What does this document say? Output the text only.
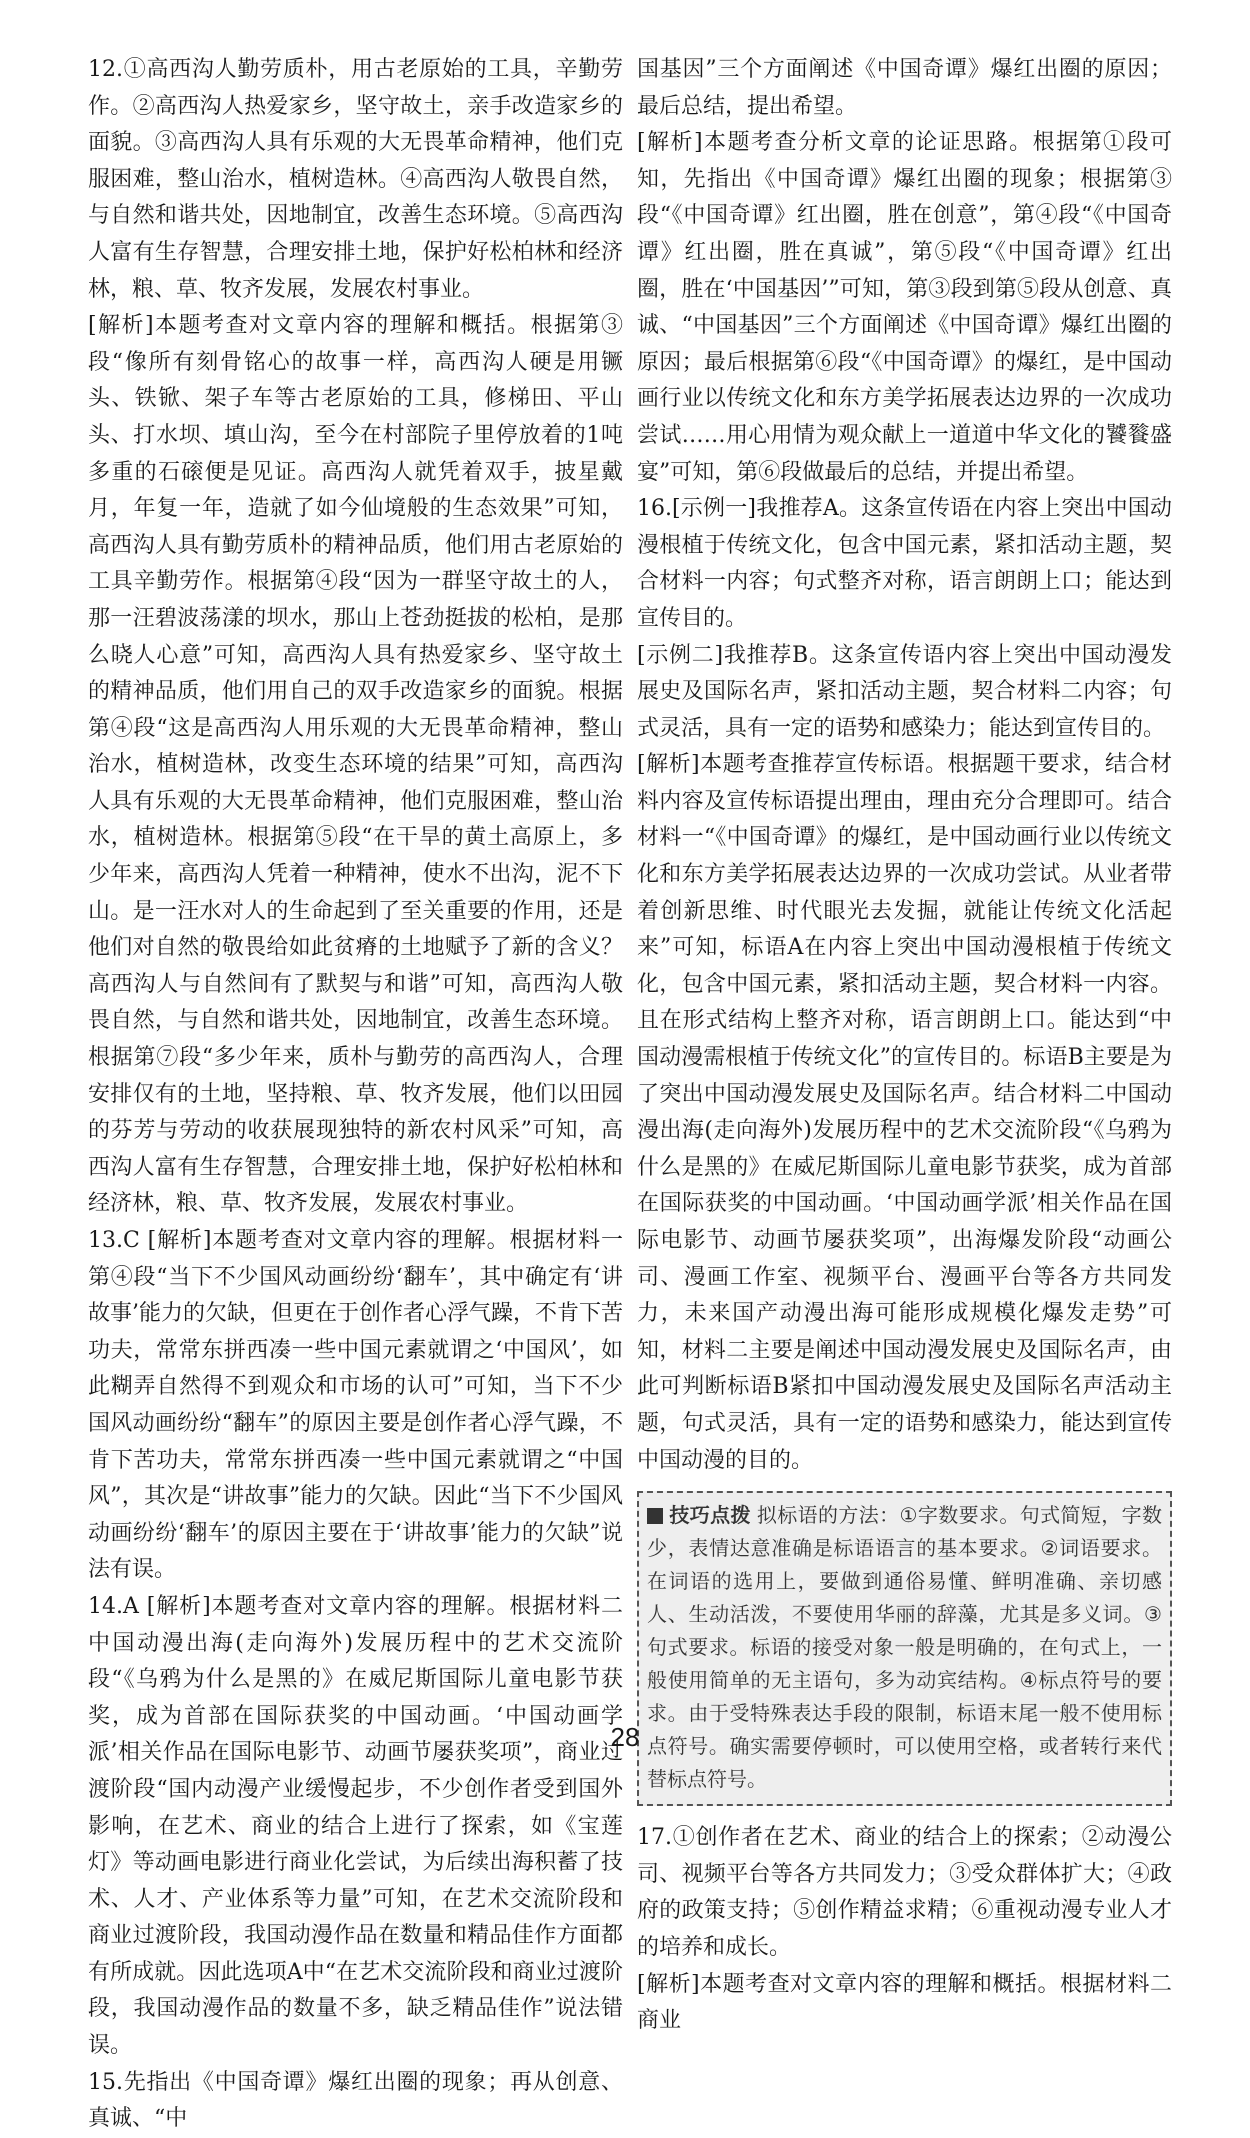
12.①高西沟人勤劳质朴，用古老原始的工具，辛勤劳作。②高西沟人热爱家乡，坚守故土，亲手改造家乡的面貌。③高西沟人具有乐观的大无畏革命精神，他们克服困难，整山治水，植树造林。④高西沟人敬畏自然，与自然和谐共处，因地制宜，改善生态环境。⑤高西沟人富有生存智慧，合理安排土地，保护好松柏林和经济林，粮、草、牧齐发展，发展农村事业。

[解析]本题考查对文章内容的理解和概括。根据第③段“像所有刻骨铭心的故事一样，高西沟人硬是用镢头、铁锨、架子车等古老原始的工具，修梯田、平山头、打水坝、填山沟，至今在村部院子里停放着的1吨多重的石磙便是见证。高西沟人就凭着双手，披星戴月，年复一年，造就了如今仙境般的生态效果”可知，高西沟人具有勤劳质朴的精神品质，他们用古老原始的工具辛勤劳作。根据第④段“因为一群坚守故土的人，那一汪碧波荡漾的坝水，那山上苍劲挺拔的松柏，是那么晓人心意”可知，高西沟人具有热爱家乡、坚守故土的精神品质，他们用自己的双手改造家乡的面貌。根据第④段“这是高西沟人用乐观的大无畏革命精神，整山治水，植树造林，改变生态环境的结果”可知，高西沟人具有乐观的大无畏革命精神，他们克服困难，整山治水，植树造林。根据第⑤段“在干旱的黄土高原上，多少年来，高西沟人凭着一种精神，使水不出沟，泥不下山。是一汪水对人的生命起到了至关重要的作用，还是他们对自然的敬畏给如此贫瘠的土地赋予了新的含义？高西沟人与自然间有了默契与和谐”可知，高西沟人敬畏自然，与自然和谐共处，因地制宜，改善生态环境。根据第⑦段“多少年来，质朴与勤劳的高西沟人，合理安排仅有的土地，坚持粮、草、牧齐发展，他们以田园的芬芳与劳动的收获展现独特的新农村风采”可知，高西沟人富有生存智慧，合理安排土地，保护好松柏林和经济林，粮、草、牧齐发展，发展农村事业。

13.C [解析]本题考查对文章内容的理解。根据材料一第④段“当下不少国风动画纷纷‘翻车’，其中确定有‘讲故事’能力的欠缺，但更在于创作者心浮气躁，不肯下苦功夫，常常东拼西凑一些中国元素就谓之‘中国风’，如此糊弄自然得不到观众和市场的认可”可知，当下不少国风动画纷纷“翻车”的原因主要是创作者心浮气躁，不肯下苦功夫，常常东拼西凑一些中国元素就谓之“中国风”，其次是“讲故事”能力的欠缺。因此“当下不少国风动画纷纷‘翻车’的原因主要在于‘讲故事’能力的欠缺”说法有误。

14.A [解析]本题考查对文章内容的理解。根据材料二中国动漫出海(走向海外)发展历程中的艺术交流阶段“《乌鸦为什么是黑的》在威尼斯国际儿童电影节获奖，成为首部在国际获奖的中国动画。‘中国动画学派’相关作品在国际电影节、动画节屡获奖项”，商业过渡阶段“国内动漫产业缓慢起步，不少创作者受到国外影响，在艺术、商业的结合上进行了探索，如《宝莲灯》等动画电影进行商业化尝试，为后续出海积蓄了技术、人才、产业体系等力量”可知，在艺术交流阶段和商业过渡阶段，我国动漫作品在数量和精品佳作方面都有所成就。因此选项A中“在艺术交流阶段和商业过渡阶段，我国动漫作品的数量不多，缺乏精品佳作”说法错误。

15.先指出《中国奇谭》爆红出圈的现象；再从创意、真诚、“中

国基因”三个方面阐述《中国奇谭》爆红出圈的原因；最后总结，提出希望。

[解析]本题考查分析文章的论证思路。根据第①段可知，先指出《中国奇谭》爆红出圈的现象；根据第③段“《中国奇谭》红出圈，胜在创意”，第④段“《中国奇谭》红出圈，胜在真诚”，第⑤段“《中国奇谭》红出圈，胜在‘中国基因’”可知，第③段到第⑤段从创意、真诚、“中国基因”三个方面阐述《中国奇谭》爆红出圈的原因；最后根据第⑥段“《中国奇谭》的爆红，是中国动画行业以传统文化和东方美学拓展表达边界的一次成功尝试……用心用情为观众献上一道道中华文化的饕餮盛宴”可知，第⑥段做最后的总结，并提出希望。

16.[示例一]我推荐A。这条宣传语在内容上突出中国动漫根植于传统文化，包含中国元素，紧扣活动主题，契合材料一内容；句式整齐对称，语言朗朗上口；能达到宣传目的。

[示例二]我推荐B。这条宣传语内容上突出中国动漫发展史及国际名声，紧扣活动主题，契合材料二内容；句式灵活，具有一定的语势和感染力；能达到宣传目的。

[解析]本题考查推荐宣传标语。根据题干要求，结合材料内容及宣传标语提出理由，理由充分合理即可。结合材料一“《中国奇谭》的爆红，是中国动画行业以传统文化和东方美学拓展表达边界的一次成功尝试。从业者带着创新思维、时代眼光去发掘，就能让传统文化活起来”可知，标语A在内容上突出中国动漫根植于传统文化，包含中国元素，紧扣活动主题，契合材料一内容。且在形式结构上整齐对称，语言朗朗上口。能达到“中国动漫需根植于传统文化”的宣传目的。标语B主要是为了突出中国动漫发展史及国际名声。结合材料二中国动漫出海(走向海外)发展历程中的艺术交流阶段“《乌鸦为什么是黑的》在威尼斯国际儿童电影节获奖，成为首部在国际获奖的中国动画。‘中国动画学派’相关作品在国际电影节、动画节屡获奖项”，出海爆发阶段“动画公司、漫画工作室、视频平台、漫画平台等各方共同发力，未来国产动漫出海可能形成规模化爆发走势”可知，材料二主要是阐述中国动漫发展史及国际名声，由此可判断标语B紧扣中国动漫发展史及国际名声活动主题，句式灵活，具有一定的语势和感染力，能达到宣传中国动漫的目的。

技巧点拨 拟标语的方法：①字数要求。句式简短，字数少，表情达意准确是标语语言的基本要求。②词语要求。在词语的选用上，要做到通俗易懂、鲜明准确、亲切感人、生动活泼，不要使用华丽的辞藻，尤其是多义词。③句式要求。标语的接受对象一般是明确的，在句式上，一般使用简单的无主语句，多为动宾结构。④标点符号的要求。由于受特殊表达手段的限制，标语末尾一般不使用标点符号。确实需要停顿时，可以使用空格，或者转行来代替标点符号。

17.①创作者在艺术、商业的结合上的探索；②动漫公司、视频平台等各方共同发力；③受众群体扩大；④政府的政策支持；⑤创作精益求精；⑥重视动漫专业人才的培养和成长。

[解析]本题考查对文章内容的理解和概括。根据材料二商业

28
